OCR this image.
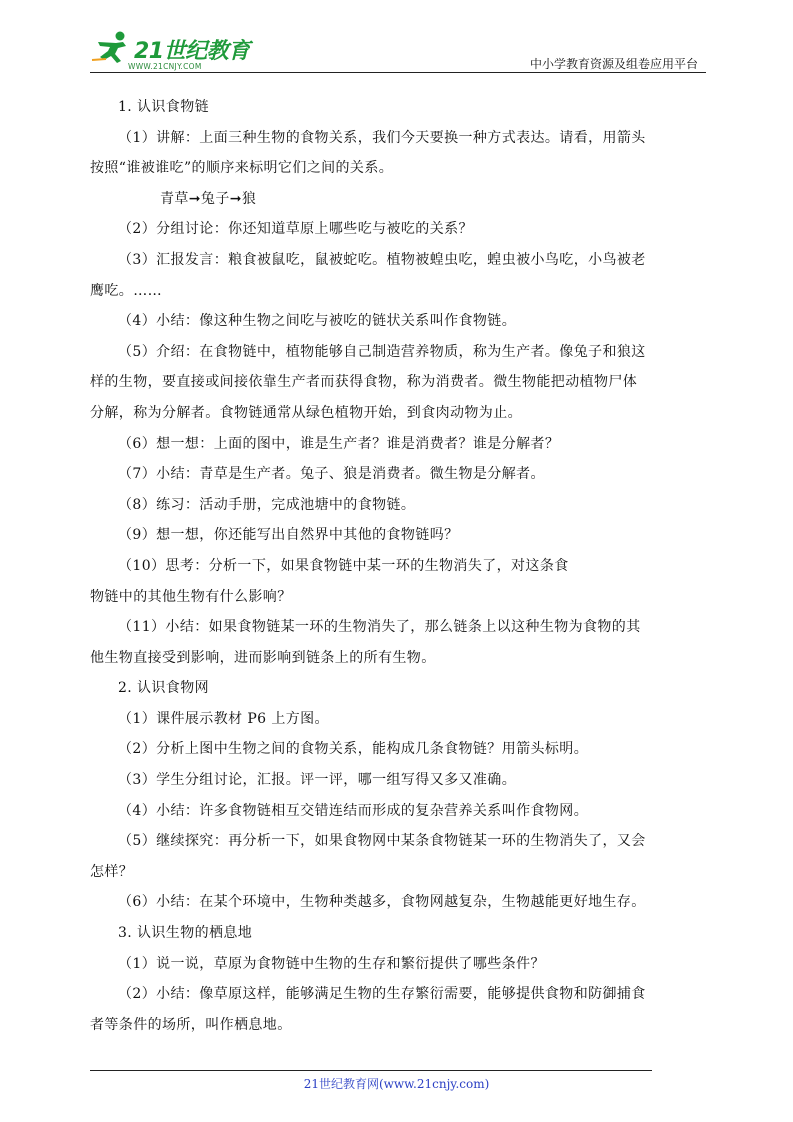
21世纪教育
WWW.21CNJY.COM	中小学教育资源及组卷应用平台
1. 认识食物链
（1）讲解：上面三种生物的食物关系，我们今天要换一种方式表达。请看，用箭头
按照“谁被谁吃”的顺序来标明它们之间的关系。
青草➞兔子➞狼
（2）分组讨论：你还知道草原上哪些吃与被吃的关系？
（3）汇报发言：粮食被鼠吃，鼠被蛇吃。植物被蝗虫吃，蝗虫被小鸟吃，小鸟被老
鹰吃。……
（4）小结：像这种生物之间吃与被吃的链状关系叫作食物链。
（5）介绍：在食物链中，植物能够自己制造营养物质，称为生产者。像兔子和狼这
样的生物，要直接或间接依靠生产者而获得食物，称为消费者。微生物能把动植物尸体
分解，称为分解者。食物链通常从绿色植物开始，到食肉动物为止。
（6）想一想：上面的图中，谁是生产者？谁是消费者？谁是分解者？
（7）小结：青草是生产者。兔子、狼是消费者。微生物是分解者。
（8）练习：活动手册，完成池塘中的食物链。
（9）想一想，你还能写出自然界中其他的食物链吗？
（10）思考：分析一下，如果食物链中某一环的生物消失了，对这条食
物链中的其他生物有什么影响？
（11）小结：如果食物链某一环的生物消失了，那么链条上以这种生物为食物的其
他生物直接受到影响，进而影响到链条上的所有生物。
2. 认识食物网
（1）课件展示教材 P6 上方图。
（2）分析上图中生物之间的食物关系，能构成几条食物链？用箭头标明。
（3）学生分组讨论，汇报。评一评，哪一组写得又多又准确。
（4）小结：许多食物链相互交错连结而形成的复杂营养关系叫作食物网。
（5）继续探究：再分析一下，如果食物网中某条食物链某一环的生物消失了，又会
怎样？
（6）小结：在某个环境中，生物种类越多，食物网越复杂，生物越能更好地生存。
3. 认识生物的栖息地
（1）说一说，草原为食物链中生物的生存和繁衍提供了哪些条件？
（2）小结：像草原这样，能够满足生物的生存繁衍需要，能够提供食物和防御捕食
者等条件的场所，叫作栖息地。
21世纪教育网(www.21cnjy.com)
